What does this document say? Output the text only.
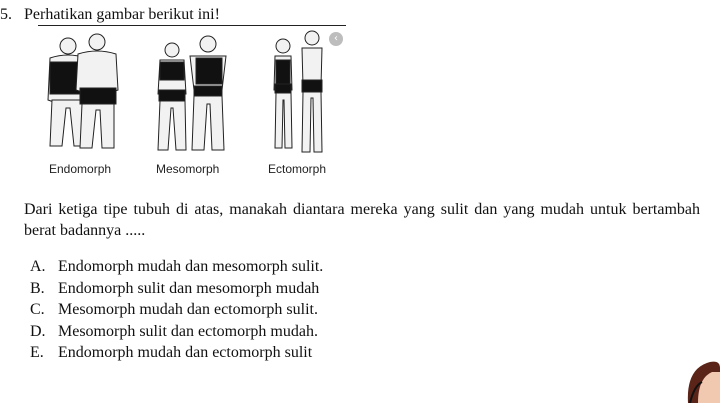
5. Perhatikan gambar berikut ini!
Endomorph	Mesomorph	Ectomorph
‹
Dari ketiga tipe tubuh di atas, manakah diantara mereka yang sulit dan yang mudah untuk bertambah berat badannya .....
A. Endomorph mudah dan mesomorph sulit.
B. Endomorph sulit dan mesomorph mudah
C. Mesomorph mudah dan ectomorph sulit.
D. Mesomorph sulit dan ectomorph mudah.
E. Endomorph mudah dan ectomorph sulit
